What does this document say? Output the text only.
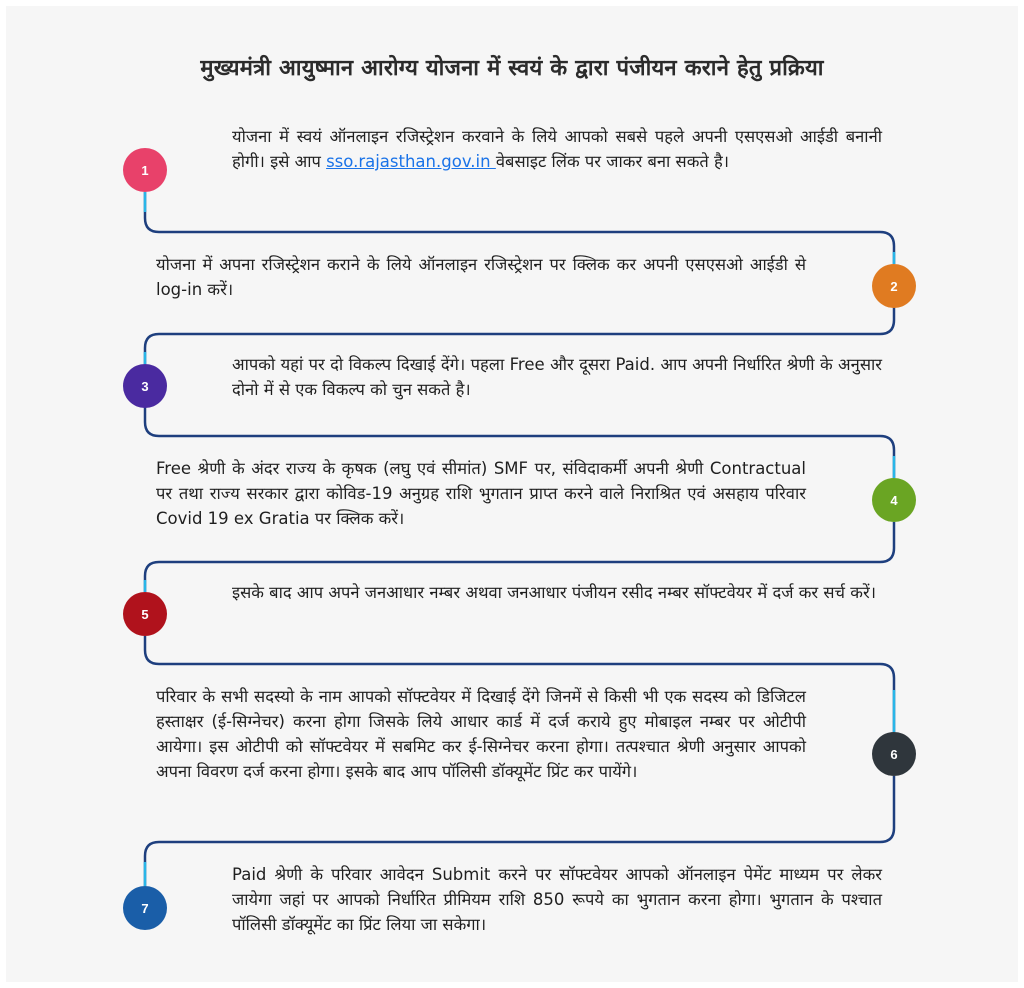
मुख्यमंत्री आयुष्मान आरोग्य योजना में स्वयं के द्वारा पंजीयन कराने हेतु प्रक्रिया
1
योजना में स्वयं ऑनलाइन रजिस्ट्रेशन करवाने के लिये आपको सबसे पहले अपनी एसएसओ आईडी बनानी होगी। इसे आप sso.rajasthan.gov.in वेबसाइट लिंक पर जाकर बना सकते है।
2
योजना में अपना रजिस्ट्रेशन कराने के लिये ऑनलाइन रजिस्ट्रेशन पर क्लिक कर अपनी एसएसओ आईडी से log-in करें।
3
आपको यहां पर दो विकल्प दिखाई देंगे। पहला Free और दूसरा Paid. आप अपनी निर्धारित श्रेणी के अनुसार दोनो में से एक विकल्प को चुन सकते है।
4
Free श्रेणी के अंदर राज्य के कृषक (लघु एवं सीमांत) SMF पर, संविदाकर्मी अपनी श्रेणी Contractual पर तथा राज्य सरकार द्वारा कोविड-19 अनुग्रह राशि भुगतान प्राप्त करने वाले निराश्रित एवं असहाय परिवार Covid 19 ex Gratia पर क्लिक करें।
5
इसके बाद आप अपने जनआधार नम्बर अथवा जनआधार पंजीयन रसीद नम्बर सॉफ्टवेयर में दर्ज कर सर्च करें।
6
परिवार के सभी सदस्यो के नाम आपको सॉफ्टवेयर में दिखाई देंगे जिनमें से किसी भी एक सदस्य को डिजिटल हस्ताक्षर (ई-सिग्नेचर) करना होगा जिसके लिये आधार कार्ड में दर्ज कराये हुए मोबाइल नम्बर पर ओटीपी आयेगा। इस ओटीपी को सॉफ्टवेयर में सबमिट कर ई-सिग्नेचर करना होगा। तत्पश्चात श्रेणी अनुसार आपको अपना विवरण दर्ज करना होगा। इसके बाद आप पॉलिसी डॉक्यूमेंट प्रिंट कर पायेंगे।
7
Paid श्रेणी के परिवार आवेदन Submit करने पर सॉफ्टवेयर आपको ऑनलाइन पेमेंट माध्यम पर लेकर जायेगा जहां पर आपको निर्धारित प्रीमियम राशि 850 रूपये का भुगतान करना होगा। भुगतान के पश्चात पॉलिसी डॉक्यूमेंट का प्रिंट लिया जा सकेगा।
